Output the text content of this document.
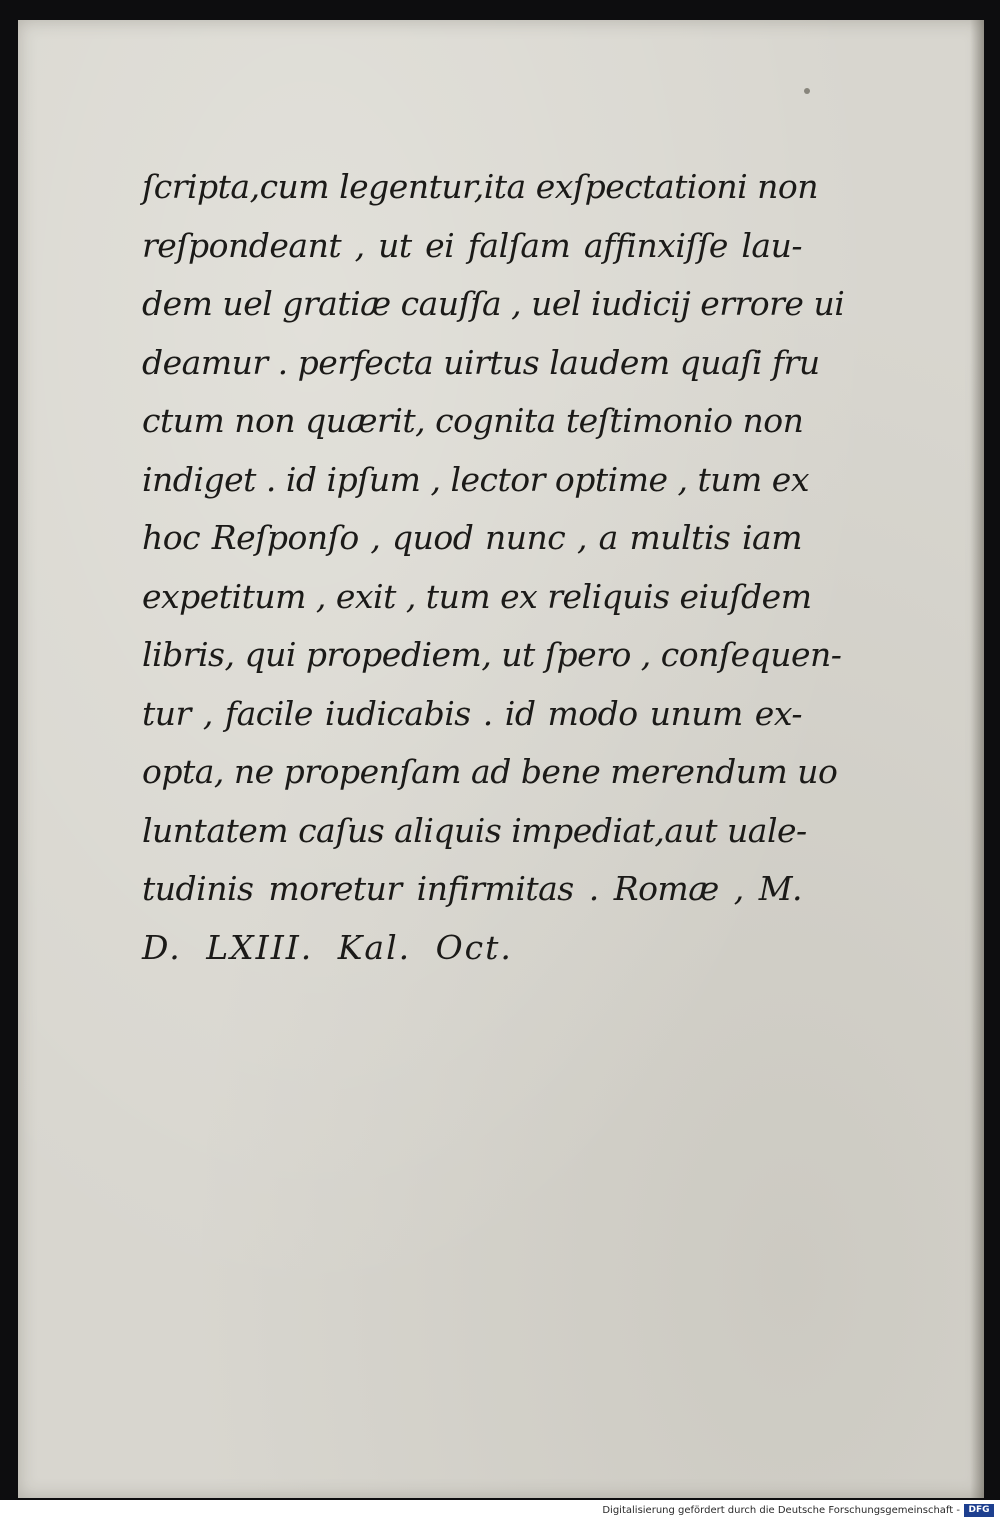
ſcripta,cum legentur,ita exſpectationi non
reſpondeant , ut ei falſam affinxiſſe lau-
dem uel gratiæ cauſſa , uel iudicij errore ui
deamur . perfecta uirtus laudem quaſi fru
ctum non quærit, cognita teſtimonio non
indiget . id ipſum , lector optime , tum ex
hoc Reſponſo , quod nunc , a multis iam
expetitum , exit , tum ex reliquis eiuſdem
libris, qui propediem, ut ſpero , conſequen-
tur , facile iudicabis . id modo unum ex-
opta, ne propenſam ad bene merendum uo
luntatem caſus aliquis impediat,aut uale-
tudinis moretur infirmitas . Romæ , M.
D. LXIII. Kal. Oct.
Digitalisierung gefördert durch die Deutsche Forschungsgemeinschaft - DFG
